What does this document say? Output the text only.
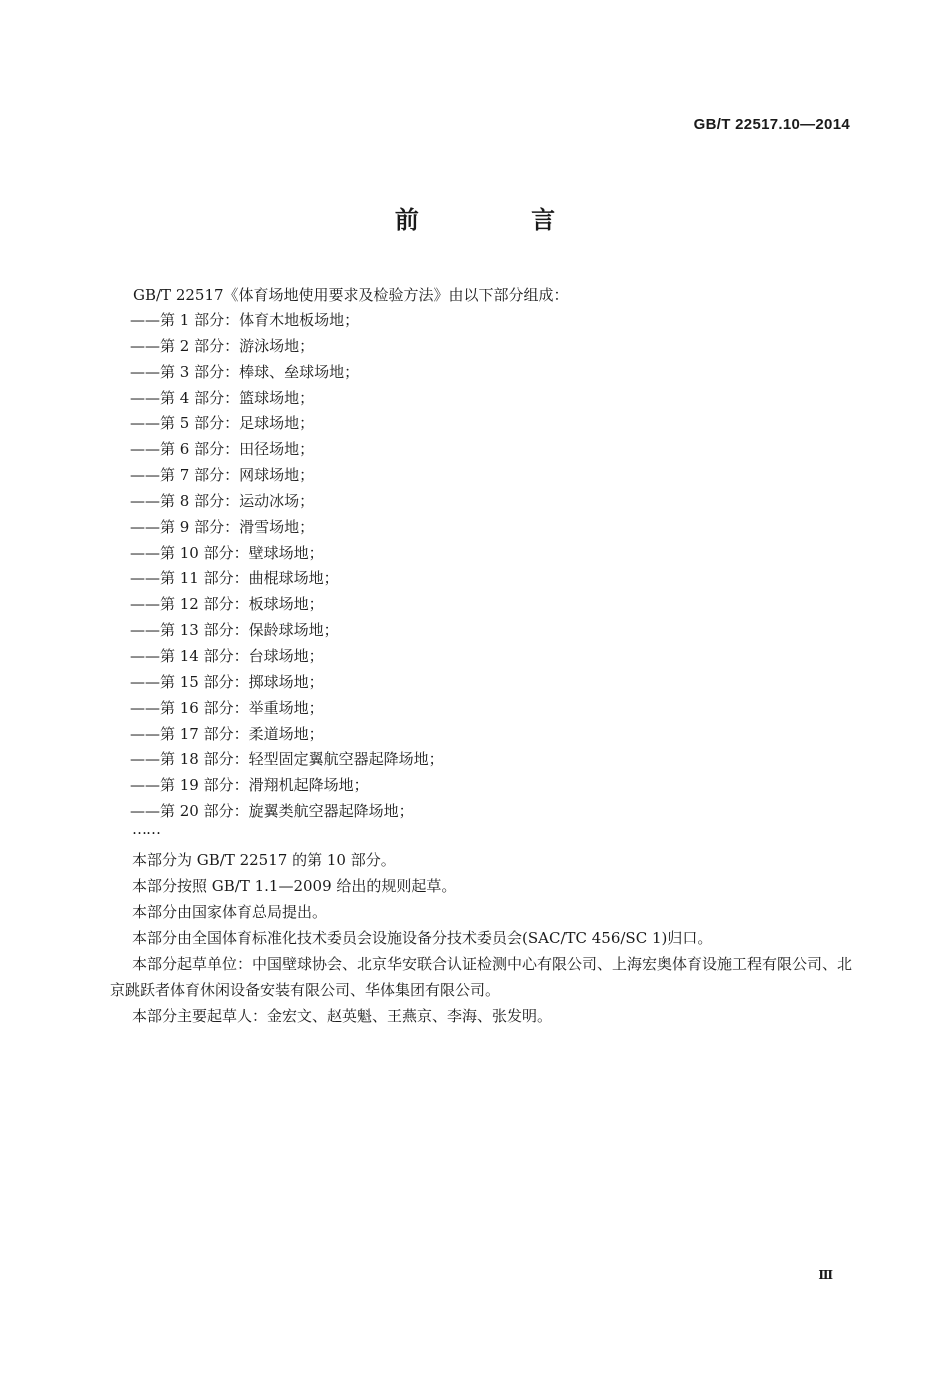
GB/T 22517.10—2014
前 言
GB/T 22517《体育场地使用要求及检验方法》由以下部分组成：
——第 1 部分：体育木地板场地；
——第 2 部分：游泳场地；
——第 3 部分：棒球、垒球场地；
——第 4 部分：篮球场地；
——第 5 部分：足球场地；
——第 6 部分：田径场地；
——第 7 部分：网球场地；
——第 8 部分：运动冰场；
——第 9 部分：滑雪场地；
——第 10 部分：壁球场地；
——第 11 部分：曲棍球场地；
——第 12 部分：板球场地；
——第 13 部分：保龄球场地；
——第 14 部分：台球场地；
——第 15 部分：掷球场地；
——第 16 部分：举重场地；
——第 17 部分：柔道场地；
——第 18 部分：轻型固定翼航空器起降场地；
——第 19 部分：滑翔机起降场地；
——第 20 部分：旋翼类航空器起降场地；
……

本部分为 GB/T 22517 的第 10 部分。

本部分按照 GB/T 1.1—2009 给出的规则起草。

本部分由国家体育总局提出。

本部分由全国体育标准化技术委员会设施设备分技术委员会(SAC/TC 456/SC 1)归口。

本部分起草单位：中国壁球协会、北京华安联合认证检测中心有限公司、上海宏奥体育设施工程有限公司、北京跳跃者体育休闲设备安装有限公司、华体集团有限公司。

本部分主要起草人：金宏文、赵英魁、王燕京、李海、张发明。

Ⅲ
